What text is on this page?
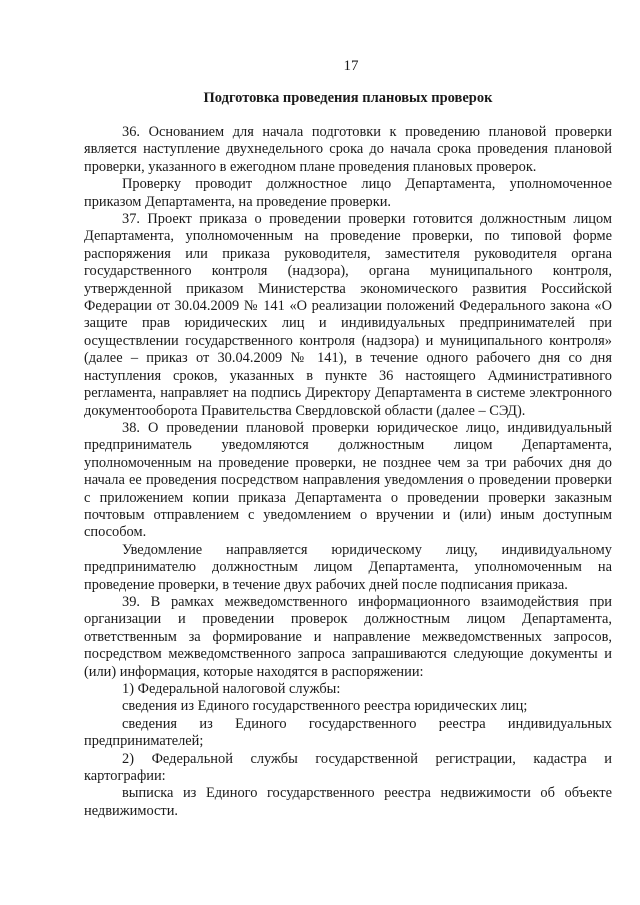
17
Подготовка проведения плановых проверок

36. Основанием для начала подготовки к проведению плановой проверки является наступление двухнедельного срока до начала срока проведения плановой проверки, указанного в ежегодном плане проведения плановых проверок.

Проверку проводит должностное лицо Департамента, уполномоченное приказом Департамента, на проведение проверки.

37. Проект приказа о проведении проверки готовится должностным лицом Департамента, уполномоченным на проведение проверки, по типовой форме распоряжения или приказа руководителя, заместителя руководителя органа государственного контроля (надзора), органа муниципального контроля, утвержденной приказом Министерства экономического развития Российской Федерации от 30.04.2009 № 141 «О реализации положений Федерального закона «О защите прав юридических лиц и индивидуальных предпринимателей при осуществлении государственного контроля (надзора) и муниципального контроля» (далее – приказ от 30.04.2009 № 141), в течение одного рабочего дня со дня наступления сроков, указанных в пункте 36 настоящего Административного регламента, направляет на подпись Директору Департамента в системе электронного документооборота Правительства Свердловской области (далее – СЭД).

38. О проведении плановой проверки юридическое лицо, индивидуальный предприниматель уведомляются должностным лицом Департамента, уполномоченным на проведение проверки, не позднее чем за три рабочих дня до начала ее проведения посредством направления уведомления о проведении проверки с приложением копии приказа Департамента о проведении проверки заказным почтовым отправлением с уведомлением о вручении и (или) иным доступным способом.

Уведомление направляется юридическому лицу, индивидуальному предпринимателю должностным лицом Департамента, уполномоченным на проведение проверки, в течение двух рабочих дней после подписания приказа.

39. В рамках межведомственного информационного взаимодействия при организации и проведении проверок должностным лицом Департамента, ответственным за формирование и направление межведомственных запросов, посредством межведомственного запроса запрашиваются следующие документы и (или) информация, которые находятся в распоряжении:

1) Федеральной налоговой службы:

сведения из Единого государственного реестра юридических лиц;

сведения из Единого государственного реестра индивидуальных предпринимателей;

2) Федеральной службы государственной регистрации, кадастра и картографии:

выписка из Единого государственного реестра недвижимости об объекте недвижимости.
